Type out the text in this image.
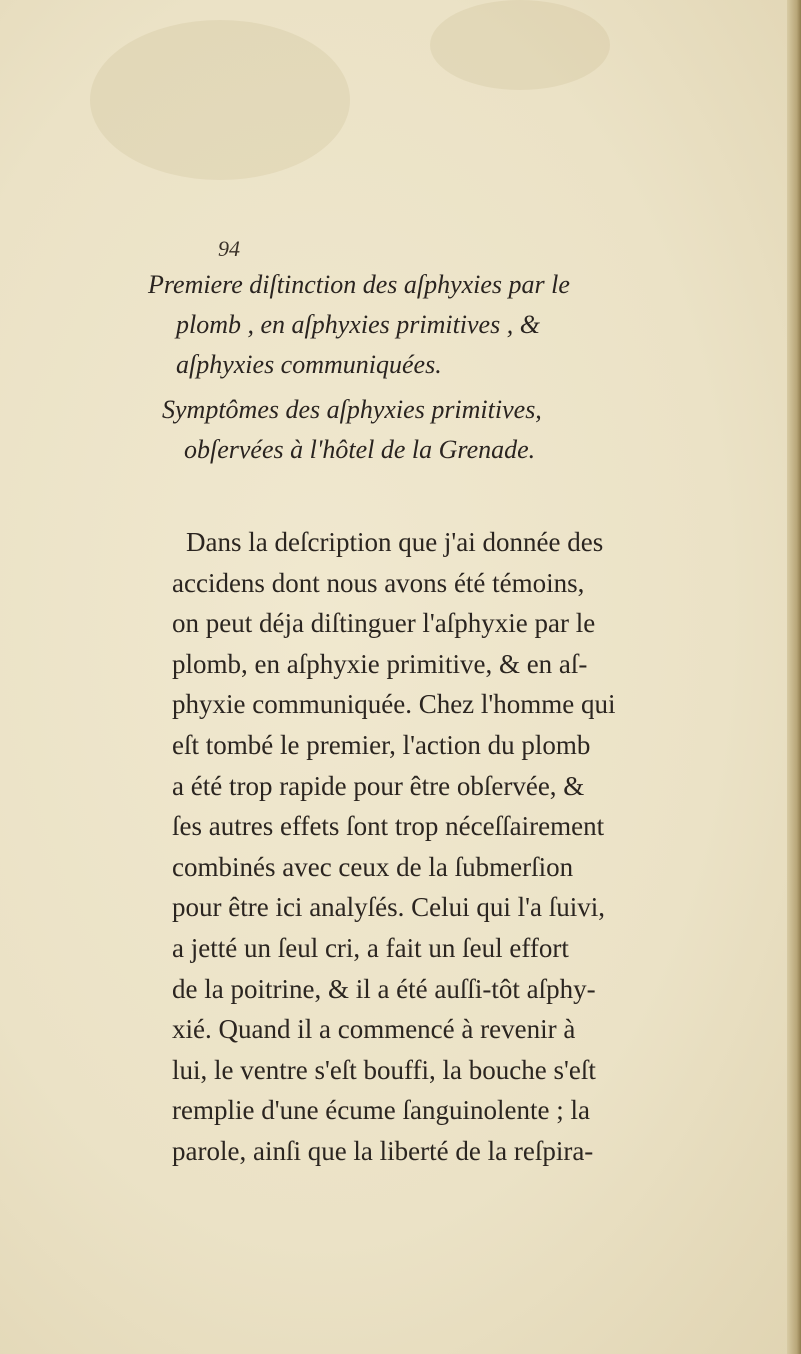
94
Premiere diſtinction des aſphyxies par le
plomb , en aſphyxies primitives , &
aſphyxies communiquées.
Symptômes des aſphyxies primitives,
obſervées à l'hôtel de la Grenade.
Dans la deſcription que j'ai donnée des
accidens dont nous avons été témoins,
on peut déja diſtinguer l'aſphyxie par le
plomb, en aſphyxie primitive, & en aſ-
phyxie communiquée. Chez l'homme qui
eſt tombé le premier, l'action du plomb
a été trop rapide pour être obſervée, &
ſes autres effets ſont trop néceſſairement
combinés avec ceux de la ſubmerſion
pour être ici analyſés. Celui qui l'a ſuivi,
a jetté un ſeul cri, a fait un ſeul effort
de la poitrine, & il a été auſſi-tôt aſphy-
xié. Quand il a commencé à revenir à
lui, le ventre s'eſt bouffi, la bouche s'eſt
remplie d'une écume ſanguinolente ; la
parole, ainſi que la liberté de la reſpira-
